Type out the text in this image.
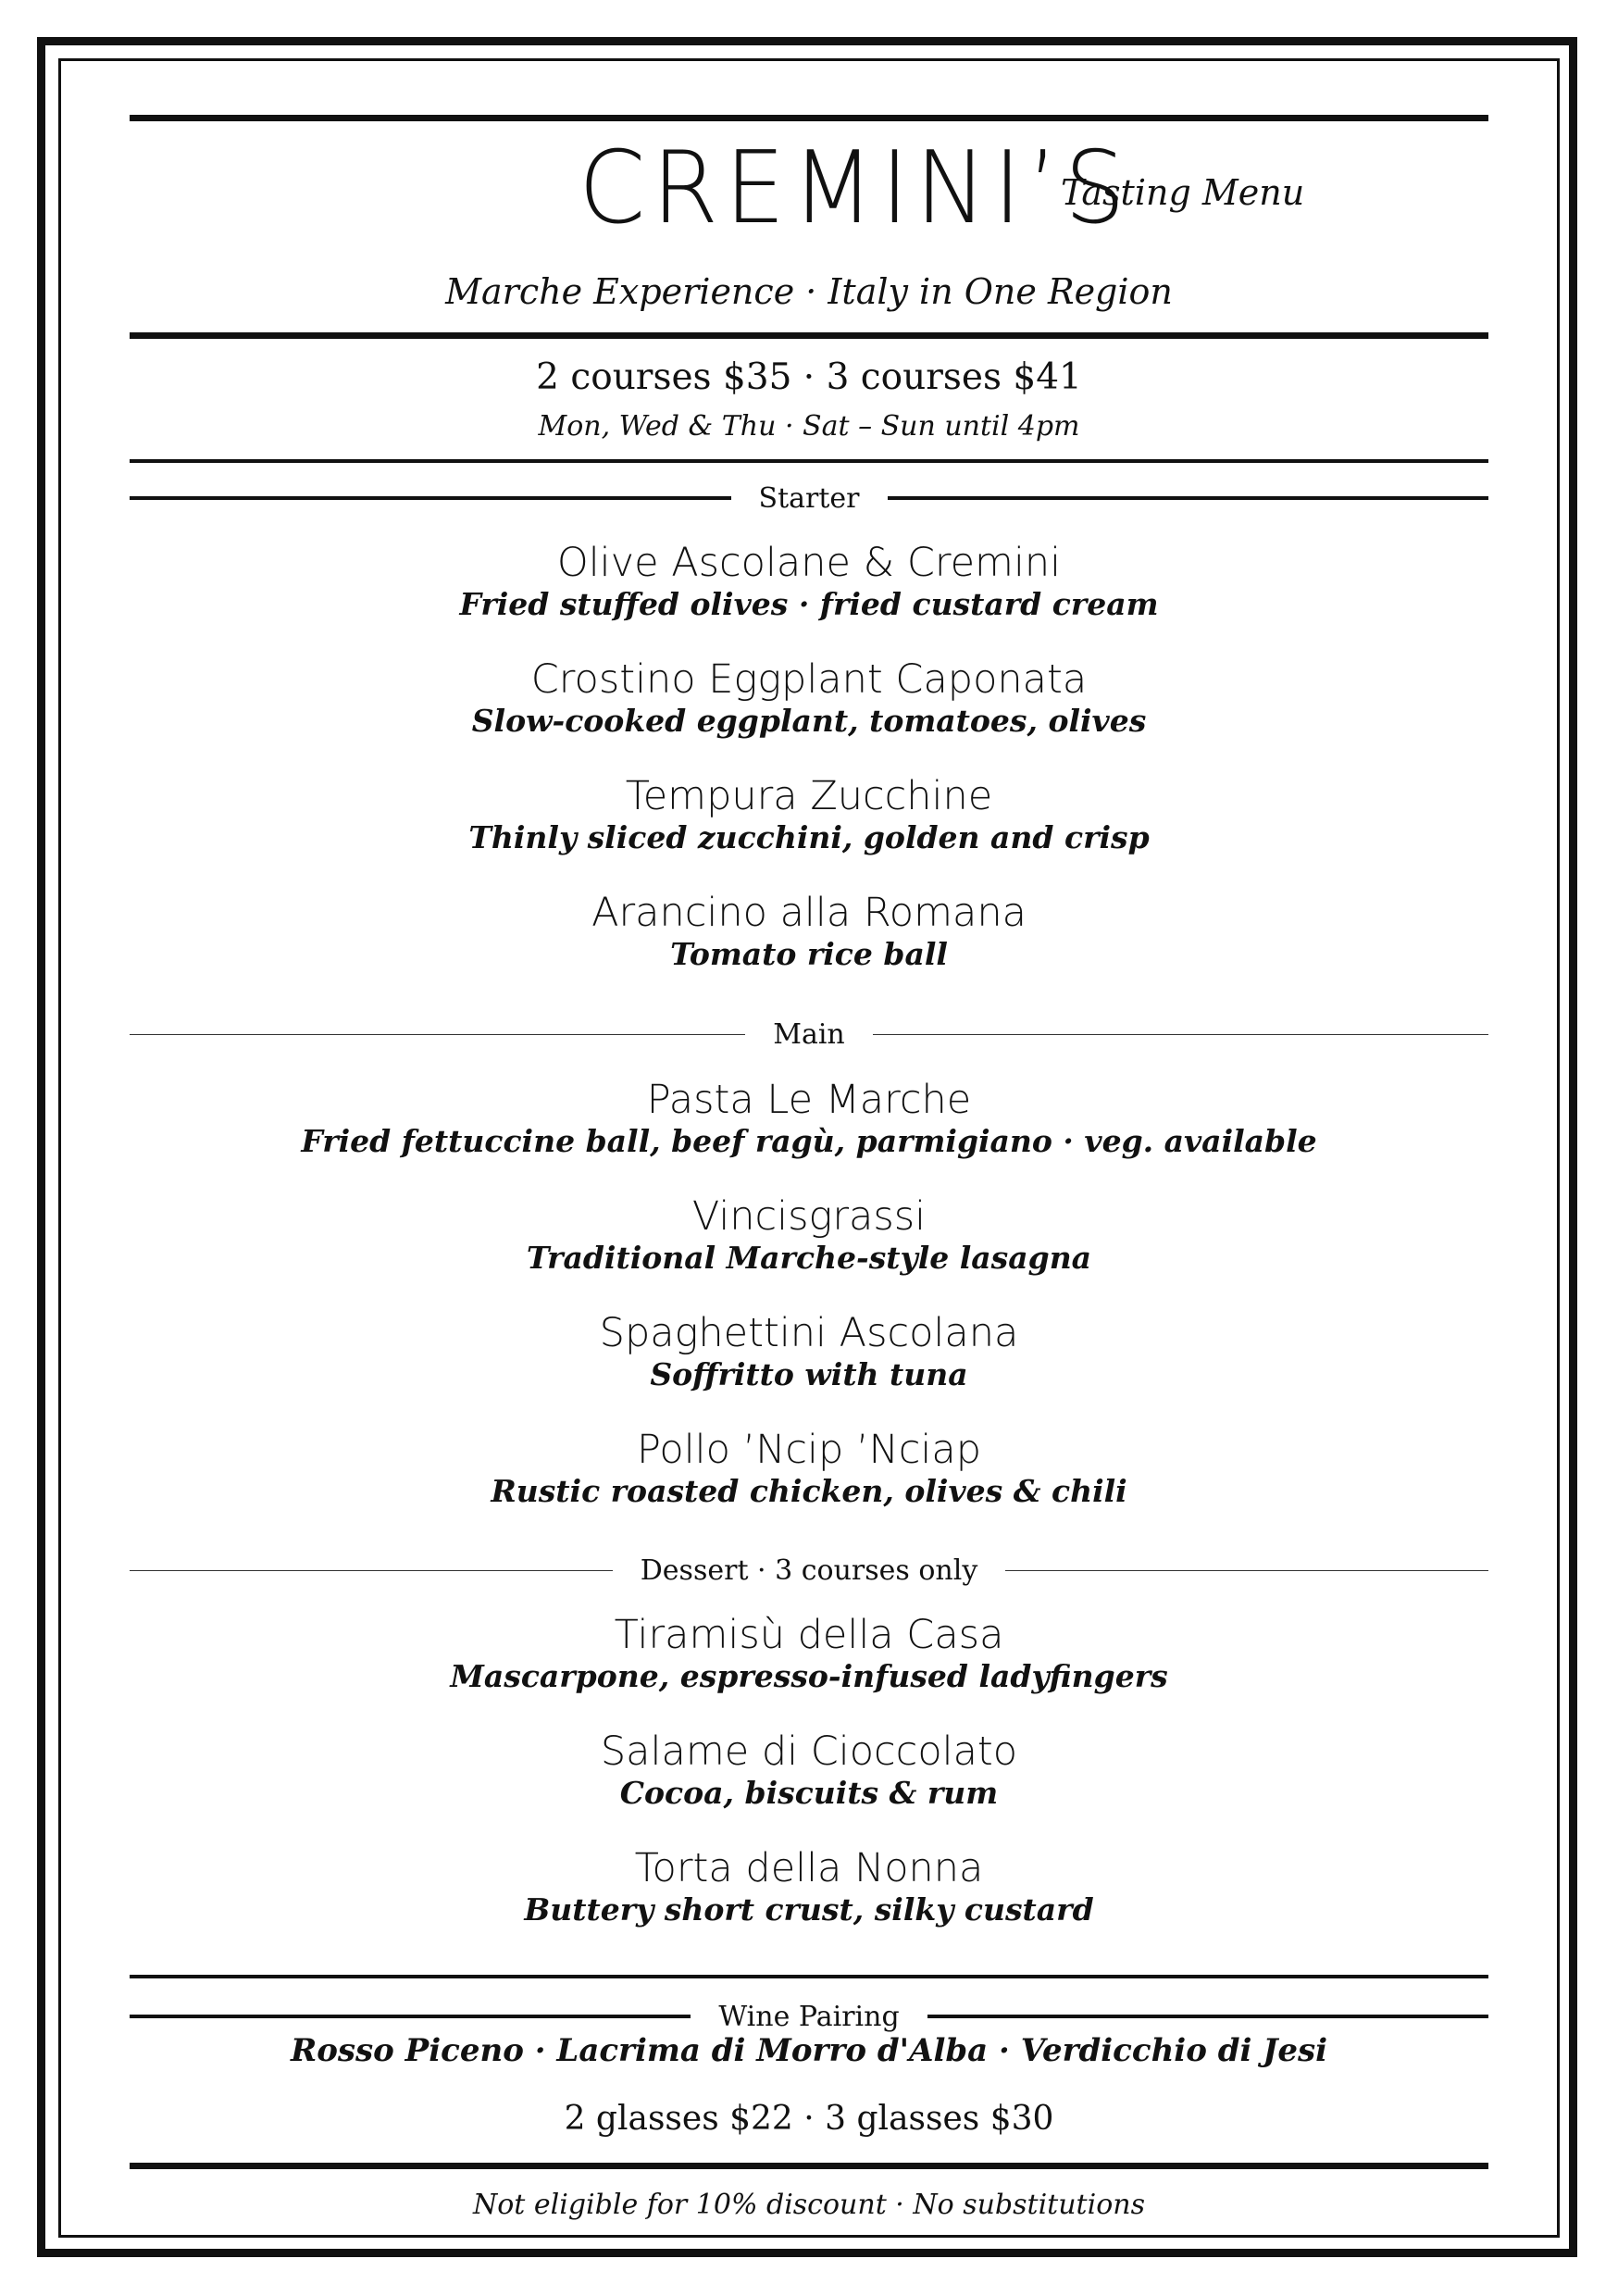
CREMINI’S
Tasting Menu
Marche Experience · Italy in One Region
2 courses $35 · 3 courses $41
Mon, Wed & Thu · Sat – Sun until 4pm
Starter
Olive Ascolane & Cremini
Fried stuffed olives · fried custard cream
Crostino Eggplant Caponata
Slow-cooked eggplant, tomatoes, olives
Tempura Zucchine
Thinly sliced zucchini, golden and crisp
Arancino alla Romana
Tomato rice ball
Main
Pasta Le Marche
Fried fettuccine ball, beef ragù, parmigiano · veg. available
Vincisgrassi
Traditional Marche-style lasagna
Spaghettini Ascolana
Soffritto with tuna
Pollo ’Ncip ’Nciap
Rustic roasted chicken, olives & chili
Dessert · 3 courses only
Tiramisù della Casa
Mascarpone, espresso-infused ladyfingers
Salame di Cioccolato
Cocoa, biscuits & rum
Torta della Nonna
Buttery short crust, silky custard
Wine Pairing
Rosso Piceno · Lacrima di Morro d'Alba · Verdicchio di Jesi
2 glasses $22 · 3 glasses $30
Not eligible for 10% discount · No substitutions
